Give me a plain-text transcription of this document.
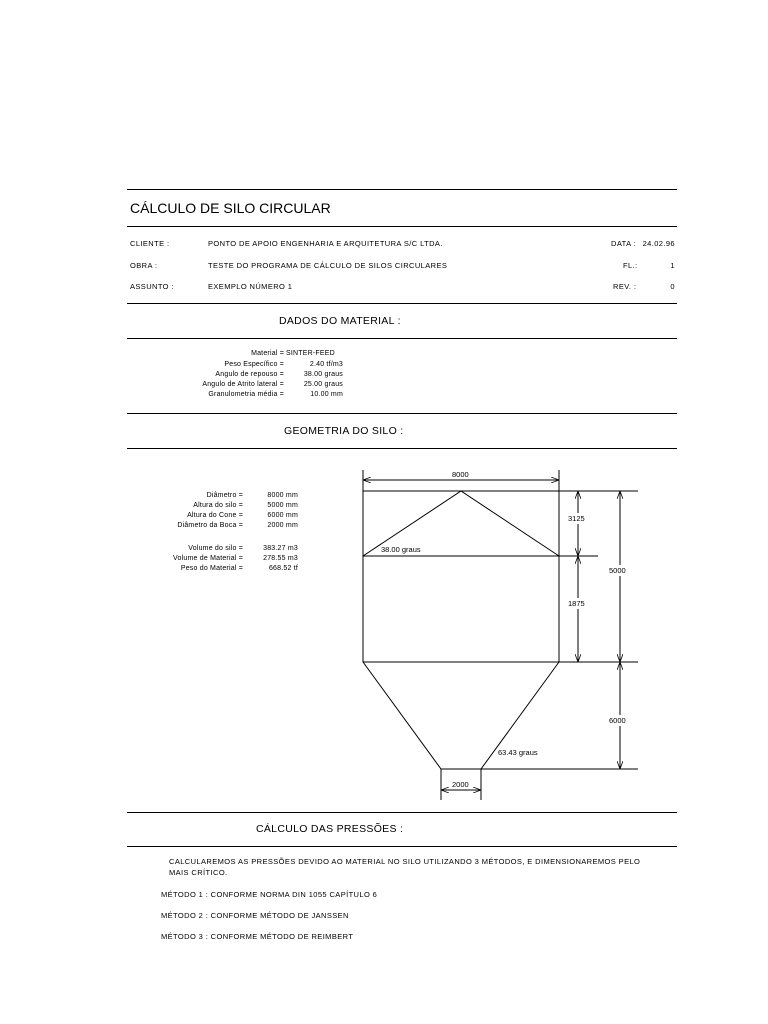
CÁLCULO DE SILO CIRCULAR
CLIENTE :	PONTO DE APOIO ENGENHARIA E ARQUITETURA S/C LTDA.	DATA : 24.02.96
OBRA :	TESTE DO PROGRAMA DE CÁLCULO DE SILOS CIRCULARES	FL.:	1
ASSUNTO :	EXEMPLO NÚMERO 1	REV. :	0
DADOS DO MATERIAL :
Material = SINTER-FEED
Peso Específico =	2.40 tf/m3
Angulo de repouso =	38.00 graus
Angulo de Atrito lateral =	25.00 graus
Granulometria média =	10.00 mm
GEOMETRIA DO SILO :
Diâmetro =	8000 mm
Altura do silo =	5000 mm
Altura do Cone =	6000 mm
Diâmetro da Boca =	2000 mm
Volume do silo =	383.27 m3
Volume de Material =	278.55 m3
Peso do Material =	668.52 tf
8000
3125
1875
5000
6000
2000
38.00 graus
63.43 graus
CÁLCULO DAS PRESSÕES :
CALCULAREMOS AS PRESSÕES DEVIDO AO MATERIAL NO SILO UTILIZANDO 3 MÉTODOS, E DIMENSIONAREMOS PELO
MAIS CRÍTICO.
MÉTODO 1 : CONFORME NORMA DIN 1055 CAPÍTULO 6
MÉTODO 2 : CONFORME MÉTODO DE JANSSEN
MÉTODO 3 : CONFORME MÉTODO DE REIMBERT
